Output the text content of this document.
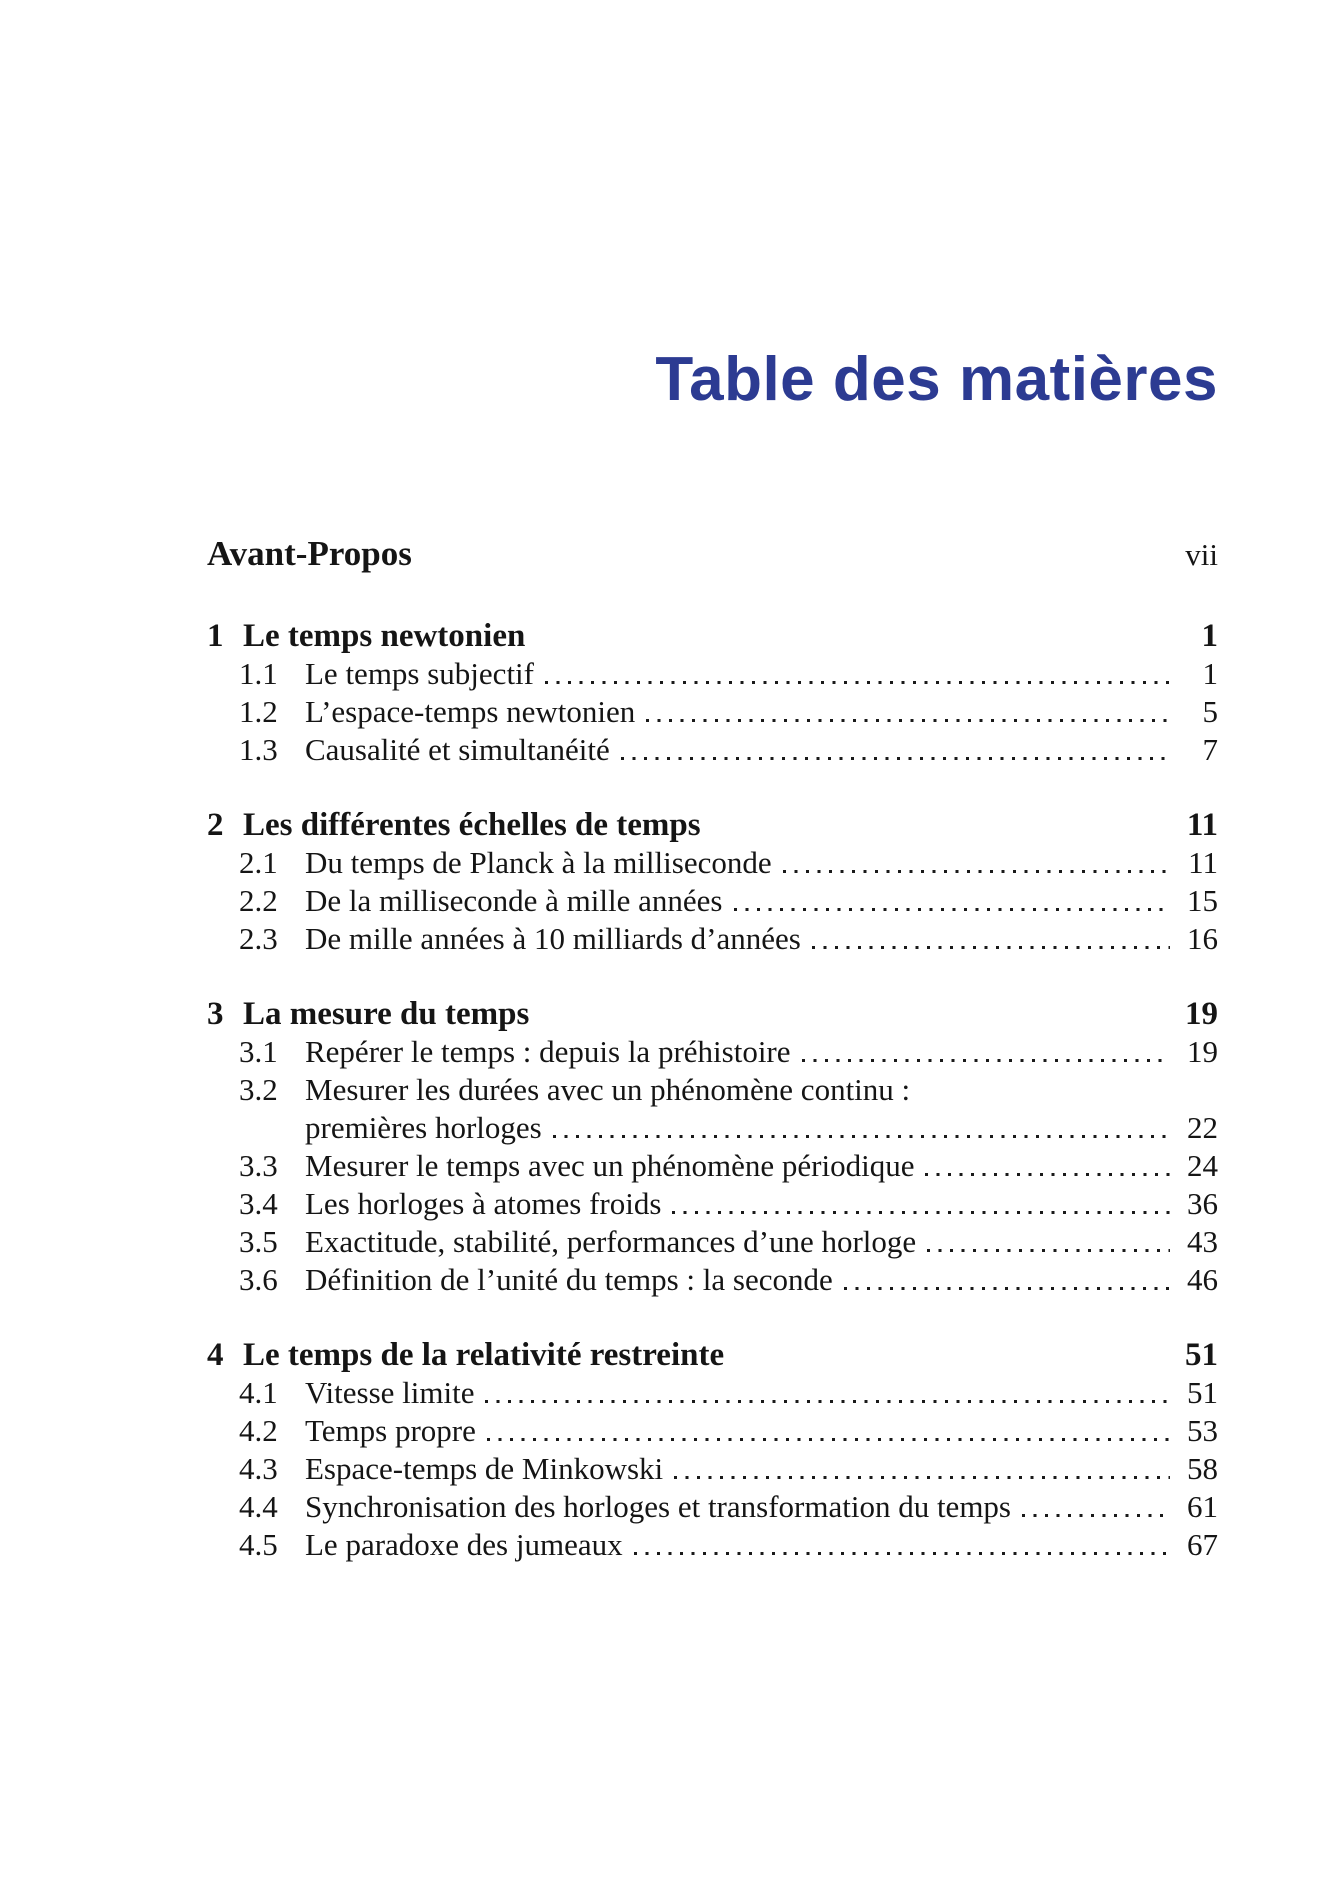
Table des matières
Avant-Propos	vii
1 Le temps newtonien	1
1.1 Le temps subjectif	1
1.2 L’espace-temps newtonien	5
1.3 Causalité et simultanéité	7
2 Les différentes échelles de temps	11
2.1 Du temps de Planck à la milliseconde	11
2.2 De la milliseconde à mille années	15
2.3 De mille années à 10 milliards d’années	16
3 La mesure du temps	19
3.1 Repérer le temps : depuis la préhistoire	19
3.2 Mesurer les durées avec un phénomène continu :
premières horloges	22
3.3 Mesurer le temps avec un phénomène périodique	24
3.4 Les horloges à atomes froids	36
3.5 Exactitude, stabilité, performances d’une horloge	43
3.6 Définition de l’unité du temps : la seconde	46
4 Le temps de la relativité restreinte	51
4.1 Vitesse limite	51
4.2 Temps propre	53
4.3 Espace-temps de Minkowski	58
4.4 Synchronisation des horloges et transformation du temps	61
4.5 Le paradoxe des jumeaux	67
